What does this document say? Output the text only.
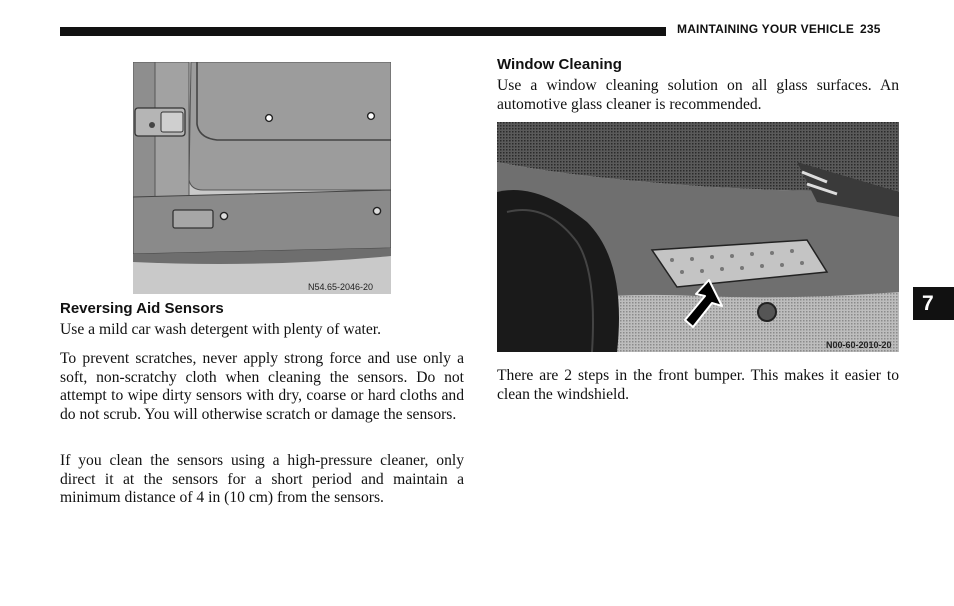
MAINTAINING YOUR VEHICLE 235
7
N54.65-2046-20
Reversing Aid Sensors

Use a mild car wash detergent with plenty of water.

To prevent scratches, never apply strong force and use only a soft, non-scratchy cloth when cleaning the sensors. Do not attempt to wipe dirty sensors with dry, coarse or hard cloths and do not scrub. You will otherwise scratch or damage the sensors.

If you clean the sensors using a high-pressure cleaner, only direct it at the sensors for a short period and maintain a minimum distance of 4 in (10 cm) from the sensors.

Window Cleaning

Use a window cleaning solution on all glass surfaces. An automotive glass cleaner is recommended.

N00-60-2010-20

There are 2 steps in the front bumper. This makes it easier to clean the windshield.
